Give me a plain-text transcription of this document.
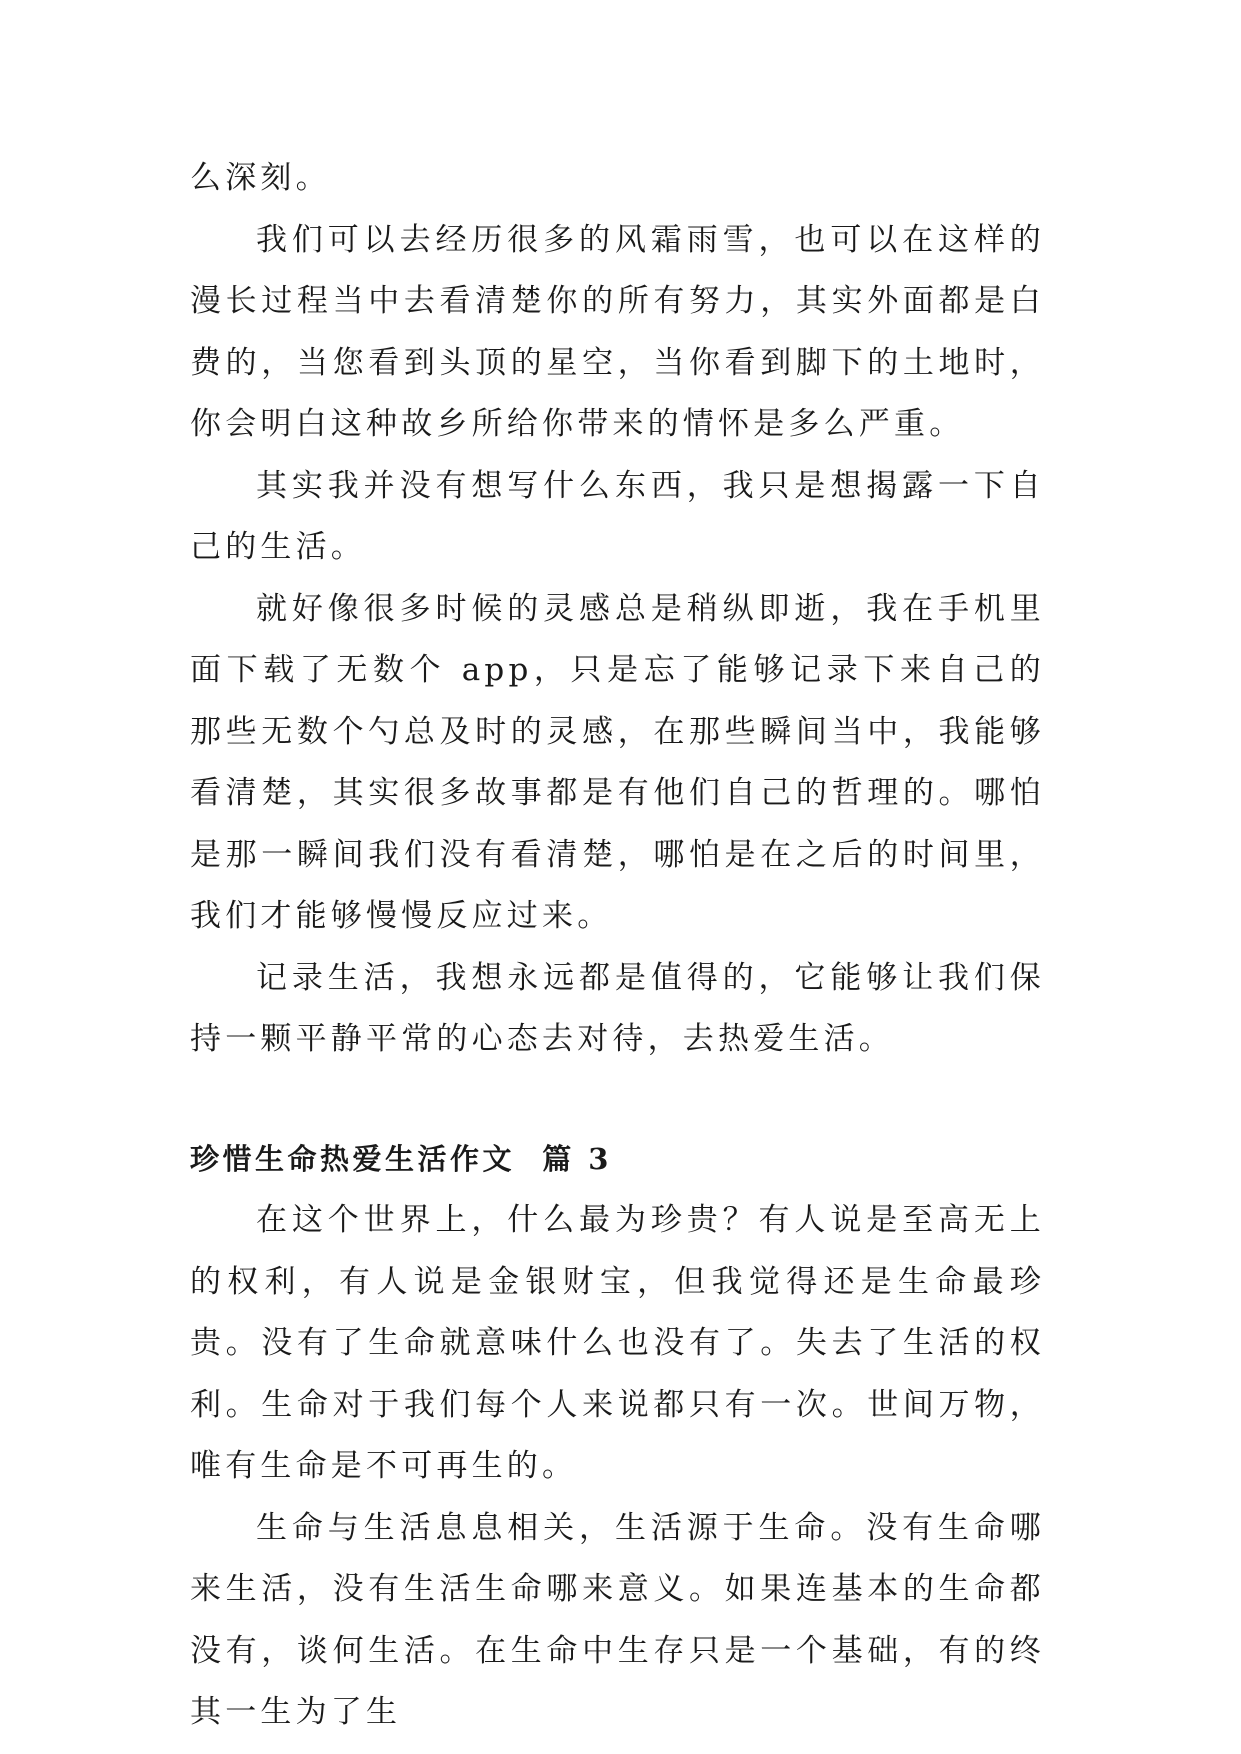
么深刻。

我们可以去经历很多的风霜雨雪，也可以在这样的漫长过程当中去看清楚你的所有努力，其实外面都是白费的，当您看到头顶的星空，当你看到脚下的土地时，你会明白这种故乡所给你带来的情怀是多么严重。

其实我并没有想写什么东西，我只是想揭露一下自己的生活。

就好像很多时候的灵感总是稍纵即逝，我在手机里面下载了无数个 app，只是忘了能够记录下来自己的那些无数个勺总及时的灵感，在那些瞬间当中，我能够看清楚，其实很多故事都是有他们自己的哲理的。哪怕是那一瞬间我们没有看清楚，哪怕是在之后的时间里，我们才能够慢慢反应过来。

记录生活，我想永远都是值得的，它能够让我们保持一颗平静平常的心态去对待，去热爱生活。

珍惜生命热爱生活作文  篇 3

在这个世界上，什么最为珍贵？有人说是至高无上的权利，有人说是金银财宝，但我觉得还是生命最珍贵。没有了生命就意味什么也没有了。失去了生活的权利。生命对于我们每个人来说都只有一次。世间万物，唯有生命是不可再生的。

生命与生活息息相关，生活源于生命。没有生命哪来生活，没有生活生命哪来意义。如果连基本的生命都没有，谈何生活。在生命中生存只是一个基础，有的终其一生为了生
